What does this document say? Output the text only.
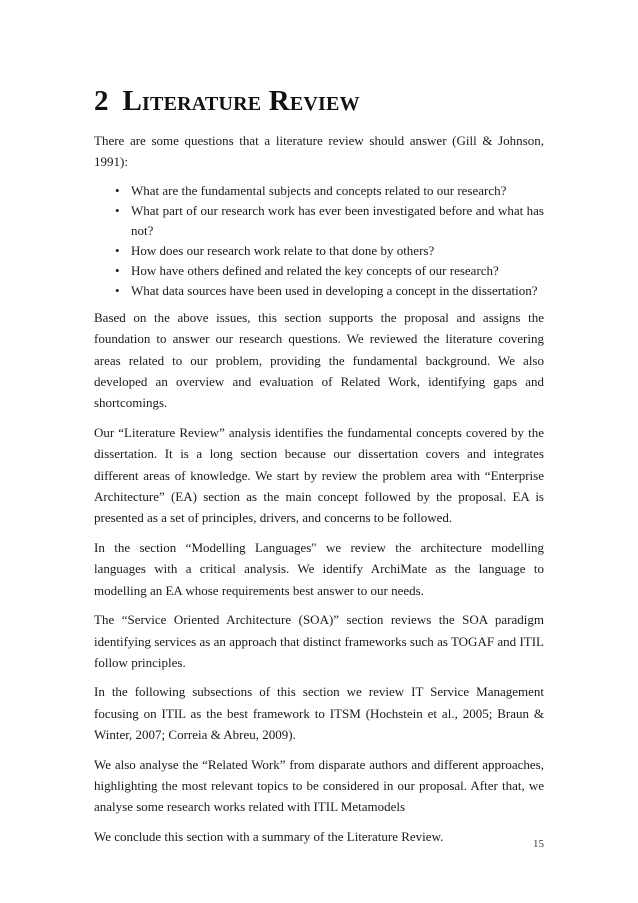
2 Literature Review

There are some questions that a literature review should answer (Gill & Johnson, 1991):

• What are the fundamental subjects and concepts related to our research?
• What part of our research work has ever been investigated before and what has not?
• How does our research work relate to that done by others?
• How have others defined and related the key concepts of our research?
• What data sources have been used in developing a concept in the dissertation?

Based on the above issues, this section supports the proposal and assigns the foundation to answer our research questions. We reviewed the literature covering areas related to our problem, providing the fundamental background. We also developed an overview and evaluation of Related Work, identifying gaps and shortcomings.

Our “Literature Review” analysis identifies the fundamental concepts covered by the dissertation. It is a long section because our dissertation covers and integrates different areas of knowledge. We start by review the problem area with “Enterprise Architecture” (EA) section as the main concept followed by the proposal. EA is presented as a set of principles, drivers, and concerns to be followed.

In the section “Modelling Languages" we review the architecture modelling languages with a critical analysis. We identify ArchiMate as the language to modelling an EA whose requirements best answer to our needs.

The “Service Oriented Architecture (SOA)” section reviews the SOA paradigm identifying services as an approach that distinct frameworks such as TOGAF and ITIL follow principles.

In the following subsections of this section we review IT Service Management focusing on ITIL as the best framework to ITSM (Hochstein et al., 2005; Braun & Winter, 2007; Correia & Abreu, 2009).

We also analyse the “Related Work” from disparate authors and different approaches, highlighting the most relevant topics to be considered in our proposal. After that, we analyse some research works related with ITIL Metamodels

We conclude this section with a summary of the Literature Review.

15
